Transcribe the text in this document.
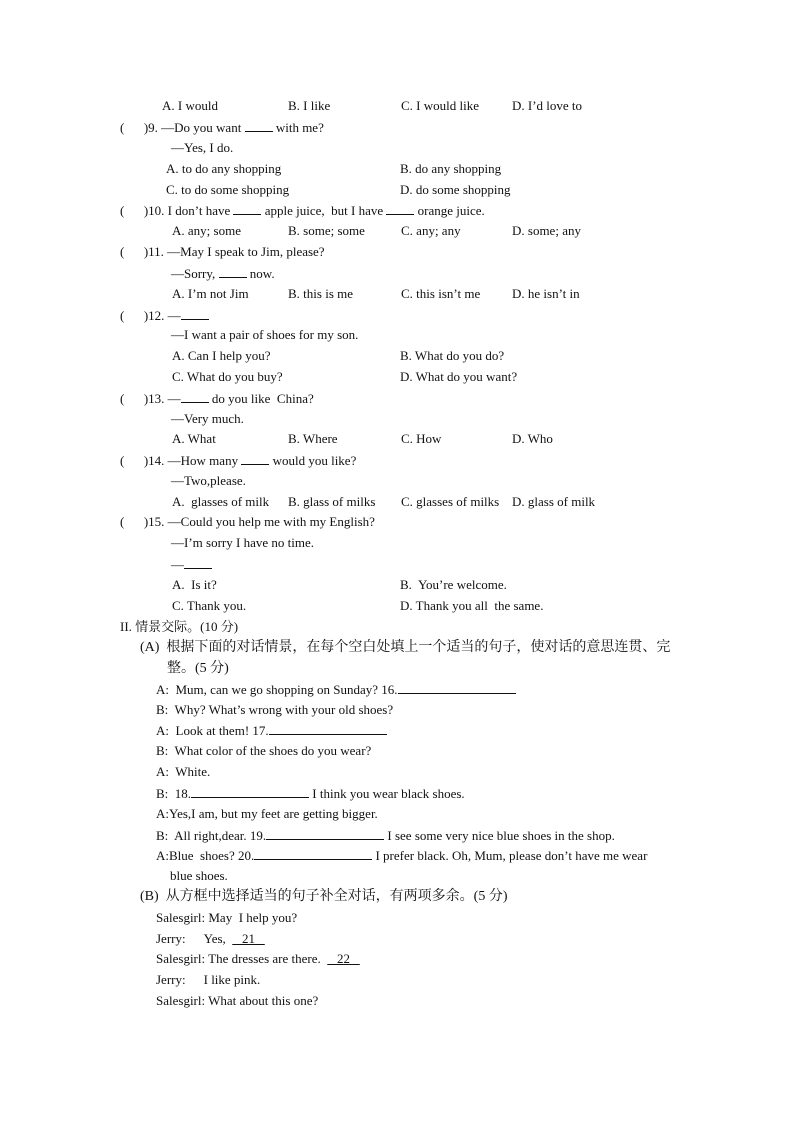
A. I would	B. I like	C. I would like	D. I’d love to
(      )9. —Do you want	with me?
—Yes, I do.
A. to do any shopping	B. do any shopping
C. to do some shopping	D. do some shopping
(      )10. I don’t have	apple juice,  but I have	orange juice.
A. any; some	B. some; some	C. any; any	D. some; any
(      )11. —May I speak to Jim, please?
—Sorry,	now.
A. I’m not Jim	B. this is me	C. this isn’t me D. he isn’t in
(      )12. —
—I want a pair of shoes for my son.
A. Can I help you?	B. What do you do?
C. What do you buy?	D. What do you want?
(      )13. — do you like  China?
—Very much.
A. What	B. Where	C. How	D. Who
(      )14. —How many	would you like?
—Two,please.
A.  glasses of milk B. glass of milks C. glasses of milks D. glass of milk
(      )15. —Could you help me with my English?
—I’m sorry I have no time.
—
A.  Is it?	B.  You’re welcome.
C. Thank you.	D. Thank you all  the same.
II. 情景交际。(10 分)
(A)  根据下面的对话情景，在每个空白处填上一个适当的句子，使对话的意思连贯、完
整。(5 分)
A:  Mum, can we go shopping on Sunday? 16.
B:  Why? What’s wrong with your old shoes?
A:  Look at them! 17.
B:  What color of the shoes do you wear?
A:  White.
B:  18.	I think you wear black shoes.
A:Yes,I am, but my feet are getting bigger.
B:  All right,dear. 19.	I see some very nice blue shoes in the shop.
A:Blue  shoes? 20.	I prefer black. Oh, Mum, please don’t have me wear
blue shoes.
(B)  从方框中选择适当的句子补全对话，有两项多余。(5 分)
Salesgirl: May  I help you?
Jerry: Yes, 21
Salesgirl: The dresses are there. 22
Jerry: I like pink.
Salesgirl: What about this one?
